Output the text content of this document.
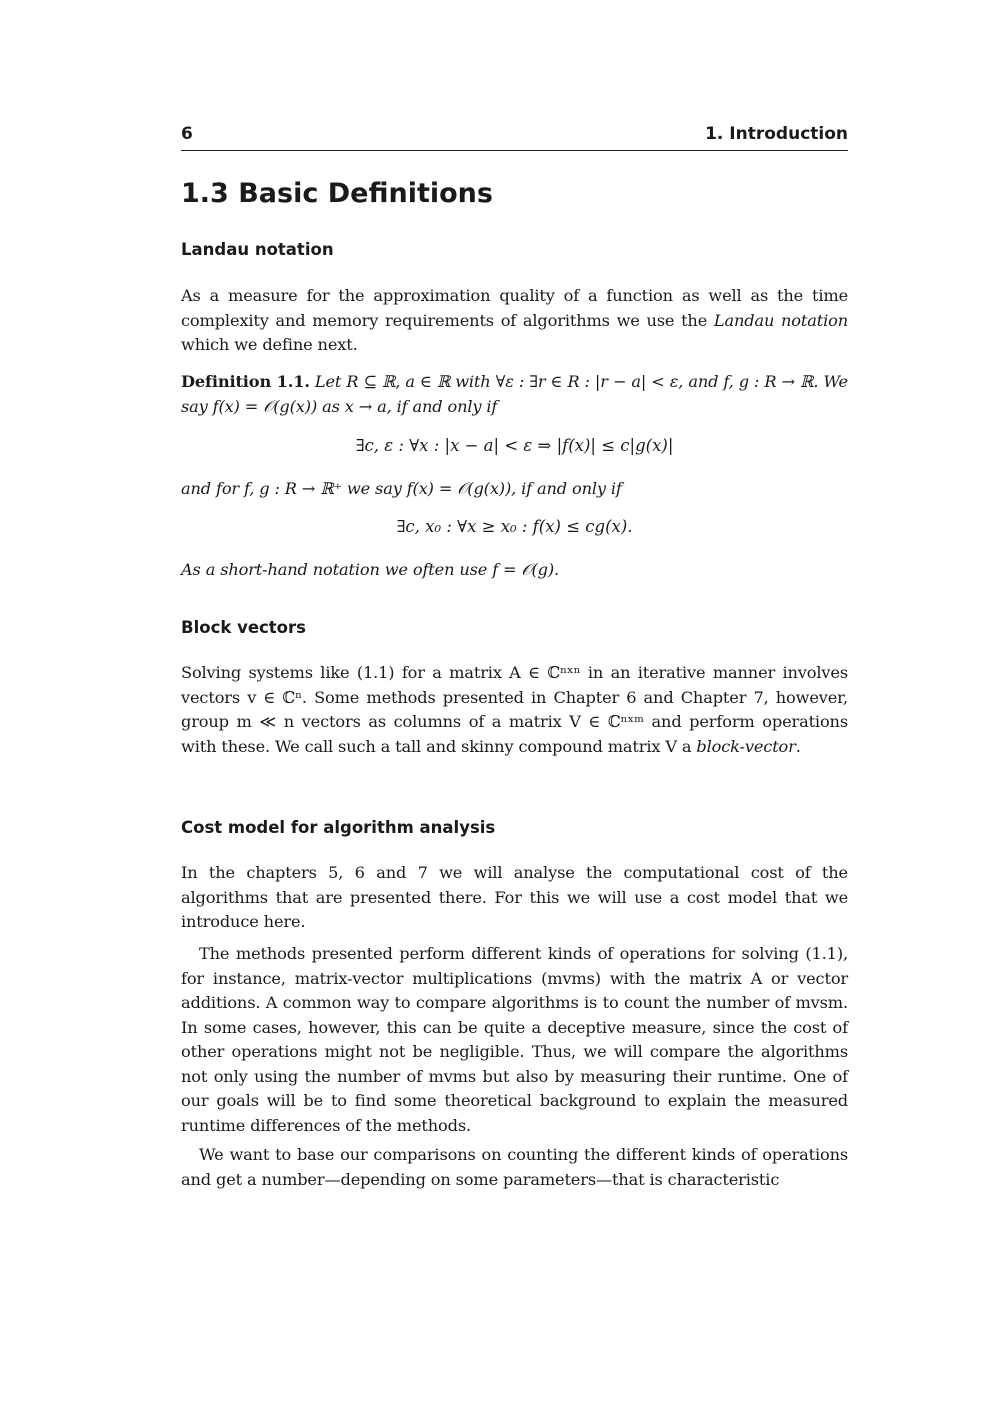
6	1. Introduction
1.3 Basic Definitions
Landau notation

As a measure for the approximation quality of a function as well as the time complexity and memory requirements of algorithms we use the Landau notation which we define next.

Definition 1.1. Let R ⊆ ℝ, a ∈ ℝ with ∀ε : ∃r ∈ R : |r − a| < ε, and f, g : R → ℝ. We say f(x) = 𝒪(g(x)) as x → a, if and only if

∃c, ε : ∀x : |x − a| < ε ⇒ |f(x)| ≤ c|g(x)|

and for f, g : R → ℝ⁺ we say f(x) = 𝒪(g(x)), if and only if

∃c, x₀ : ∀x ≥ x₀ : f(x) ≤ cg(x).

As a short-hand notation we often use f = 𝒪(g).

Block vectors

Solving systems like (1.1) for a matrix A ∈ ℂⁿˣⁿ in an iterative manner involves vectors v ∈ ℂⁿ. Some methods presented in Chapter 6 and Chapter 7, however, group m ≪ n vectors as columns of a matrix V ∈ ℂⁿˣᵐ and perform operations with these. We call such a tall and skinny compound matrix V a block-vector.

Cost model for algorithm analysis

In the chapters 5, 6 and 7 we will analyse the computational cost of the algorithms that are presented there. For this we will use a cost model that we introduce here.

The methods presented perform different kinds of operations for solving (1.1), for instance, matrix-vector multiplications (mvms) with the matrix A or vector additions. A common way to compare algorithms is to count the number of mvsm. In some cases, however, this can be quite a deceptive measure, since the cost of other operations might not be negligible. Thus, we will compare the algorithms not only using the number of mvms but also by measuring their runtime. One of our goals will be to find some theoretical background to explain the measured runtime differences of the methods.

We want to base our comparisons on counting the different kinds of operations and get a number—depending on some parameters—that is characteristic
